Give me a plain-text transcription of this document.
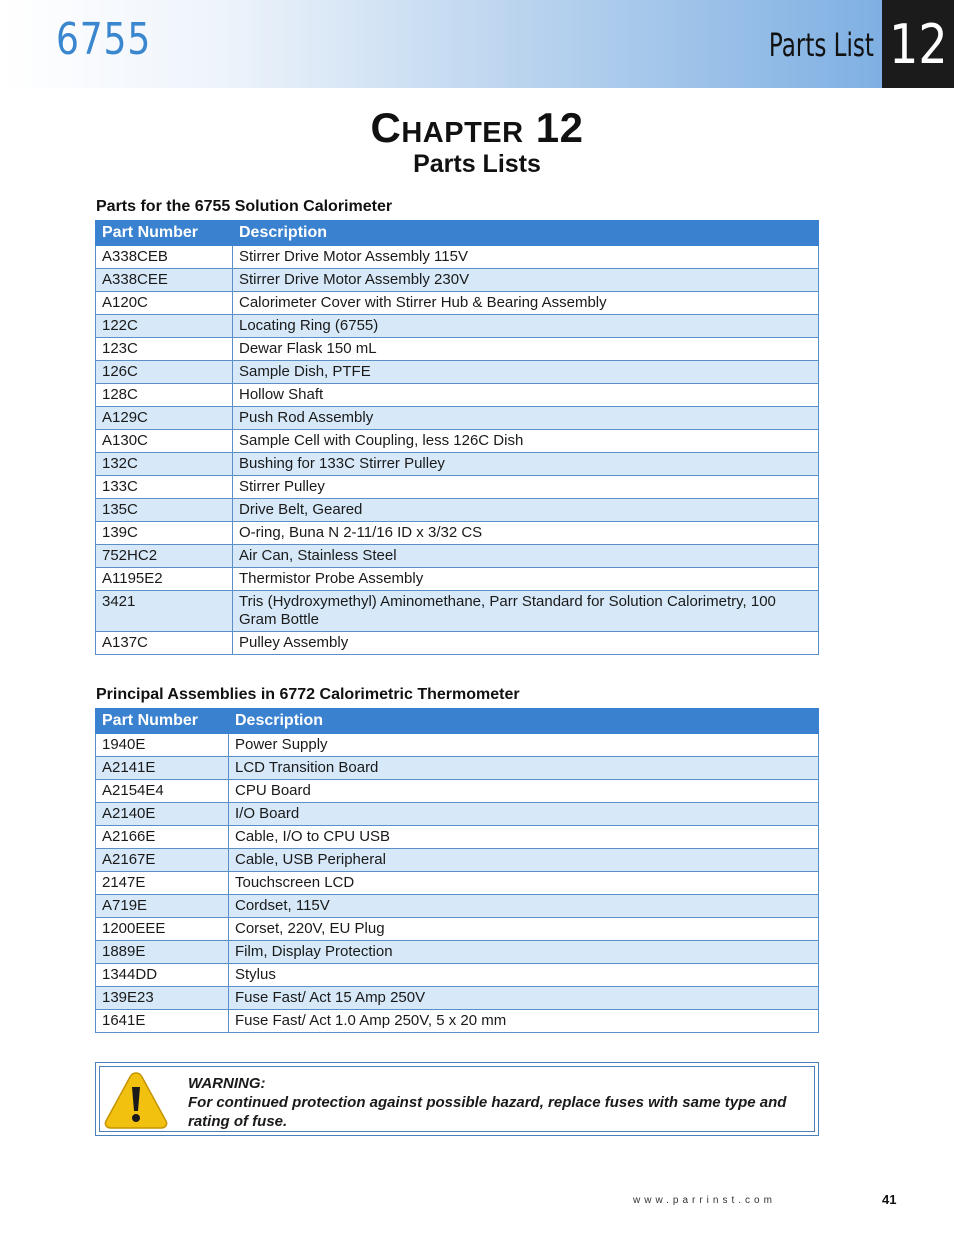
6755	Parts List 12
Chapter 12
Parts Lists
Parts for the 6755 Solution Calorimeter
Part Number	Description
A338CEB	Stirrer Drive Motor Assembly 115V
A338CEE	Stirrer Drive Motor Assembly 230V
A120C	Calorimeter Cover with Stirrer Hub & Bearing Assembly
122C	Locating Ring (6755)
123C	Dewar Flask 150 mL
126C	Sample Dish, PTFE
128C	Hollow Shaft
A129C	Push Rod Assembly
A130C	Sample Cell with Coupling, less 126C Dish
132C	Bushing for 133C Stirrer Pulley
133C	Stirrer Pulley
135C	Drive Belt, Geared
139C	O-ring, Buna N 2-11/16 ID x 3/32 CS
752HC2	Air Can, Stainless Steel
A1195E2	Thermistor Probe Assembly
3421	Tris (Hydroxymethyl) Aminomethane, Parr Standard for Solution Calorimetry, 100 Gram Bottle
A137C	Pulley Assembly
Principal Assemblies in 6772 Calorimetric Thermometer
Part Number	Description
1940E	Power Supply
A2141E	LCD Transition Board
A2154E4	CPU Board
A2140E	I/O Board
A2166E	Cable, I/O to CPU USB
A2167E	Cable, USB Peripheral
2147E	Touchscreen LCD
A719E	Cordset, 115V
1200EEE	Corset, 220V, EU Plug
1889E	Film, Display Protection
1344DD	Stylus
139E23	Fuse Fast/ Act 15 Amp 250V
1641E	Fuse Fast/ Act 1.0 Amp 250V, 5 x 20 mm
WARNING:
For continued protection against possible hazard, replace fuses with same type and rating of fuse.
www.parrinst.com	41
